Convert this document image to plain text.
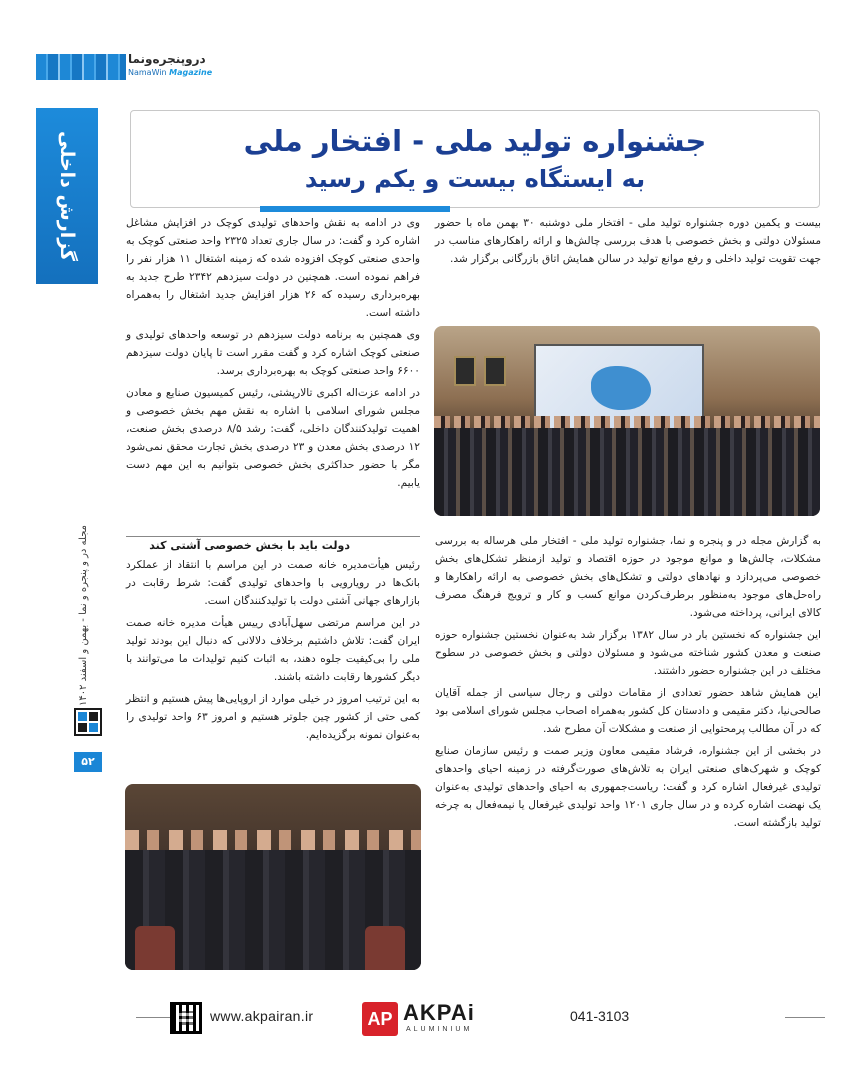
دروپنجره‌ونما
NamaWin Magazine
گزارش داخلی
مجله در و پنجره و نما - بهمن و اسفند ۱۴۰۲
۵۲
جشنواره تولید ملی - افتخار ملی
به ایستگاه بیست و یکم رسید

بیست و یکمین دوره جشنواره تولید ملی - افتخار ملی دوشنبه ۳۰ بهمن ماه با حضور مسئولان دولتی و بخش خصوصی با هدف بررسی چالش‌ها و ارائه راهکارهای مناسب در جهت تقویت تولید داخلی و رفع موانع تولید در سالن همایش اتاق بازرگانی برگزار شد.

به گزارش مجله در و پنجره و نما، جشنواره تولید ملی - افتخار ملی هرساله به بررسی مشکلات، چالش‌ها و موانع موجود در حوزه اقتصاد و تولید ازمنظر تشکل‌های بخش خصوصی می‌پردازد و نهادهای دولتی و تشکل‌های بخش خصوصی به ارائه راهکارها و راه‌حل‌های موجود به‌منظور برطرف‌کردن موانع کسب و کار و ترویج فرهنگ مصرف کالای ایرانی، پرداخته می‌شود.

این جشنواره که نخستین بار در سال ۱۳۸۲ برگزار شد به‌عنوان نخستین جشنواره حوزه صنعت و معدن کشور شناخته می‌شود و مسئولان دولتی و بخش خصوصی در سطوح مختلف در این جشنواره حضور داشتند.

این همایش شاهد حضور تعدادی از مقامات دولتی و رجال سیاسی از جمله آقایان صالحی‌نیا، دکتر مقیمی و دادستان کل کشور به‌همراه اصحاب مجلس شورای اسلامی بود که در آن مطالب پرمحتوایی از صنعت و مشکلات آن مطرح شد.

در بخشی از این جشنواره، فرشاد مقیمی معاون وزیر صمت و رئیس سازمان صنایع کوچک و شهرک‌های صنعتی ایران به تلاش‌های صورت‌گرفته در زمینه احیای واحدهای تولیدی غیرفعال اشاره کرد و گفت: ریاست‌جمهوری به احیای واحدهای تولیدی به‌عنوان یک نهضت اشاره کرده و در سال جاری ۱۲۰۱ واحد تولیدی غیرفعال یا نیمه‌فعال به چرخه تولید بازگشته است.

وی در ادامه به نقش واحدهای تولیدی کوچک در افزایش مشاغل اشاره کرد و گفت: در سال جاری تعداد ۲۳۲۵ واحد صنعتی کوچک به واحدی صنعتی کوچک افزوده شده که زمینه اشتغال ۱۱ هزار نفر را فراهم نموده است. همچنین در دولت سیزدهم ۲۳۴۲ طرح جدید به بهره‌برداری رسیده که ۲۶ هزار افزایش جدید اشتغال را به‌همراه داشته است.

وی همچنین به برنامه دولت سیزدهم در توسعه واحدهای تولیدی و صنعتی کوچک اشاره کرد و گفت مقرر است تا پایان دولت سیزدهم ۶۶۰۰ واحد صنعتی کوچک به بهره‌برداری برسد.

در ادامه عزت‌اله اکبری تالارپشتی، رئیس کمیسیون صنایع و معادن مجلس شورای اسلامی با اشاره به نقش مهم بخش خصوصی و اهمیت تولیدکنندگان داخلی، گفت: رشد ۸/۵ درصدی بخش صنعت، ۱۲ درصدی بخش معدن و ۲۳ درصدی بخش تجارت محقق نمی‌شود مگر با حضور حداکثری بخش خصوصی بتوانیم به این مهم دست یابیم.

دولت باید با بخش خصوصی آشتی کند

رئیس هیأت‌مدیره خانه صمت در این مراسم با انتقاد از عملکرد بانک‌ها در رویارویی با واحدهای تولیدی گفت: شرط رقابت در بازارهای جهانی آشتی دولت با تولیدکنندگان است.

در این مراسم مرتضی سهل‌آبادی رییس هیأت مدیره خانه صمت ایران گفت: تلاش داشتیم برخلاف دلالانی که دنبال این بودند تولید ملی را بی‌کیفیت جلوه دهند، به اثبات کنیم تولیدات ما می‌توانند با دیگر کشورها رقابت داشته باشند.

به این ترتیب امروز در خیلی موارد از اروپایی‌ها پیش هستیم و انتظر کمی حتی از کشور چین جلوتر هستیم و امروز ۶۳ واحد تولیدی را به‌عنوان نمونه برگزیده‌ایم.

www.akpairan.ir	AP AKPAi
ALUMINIUM
041-3103
